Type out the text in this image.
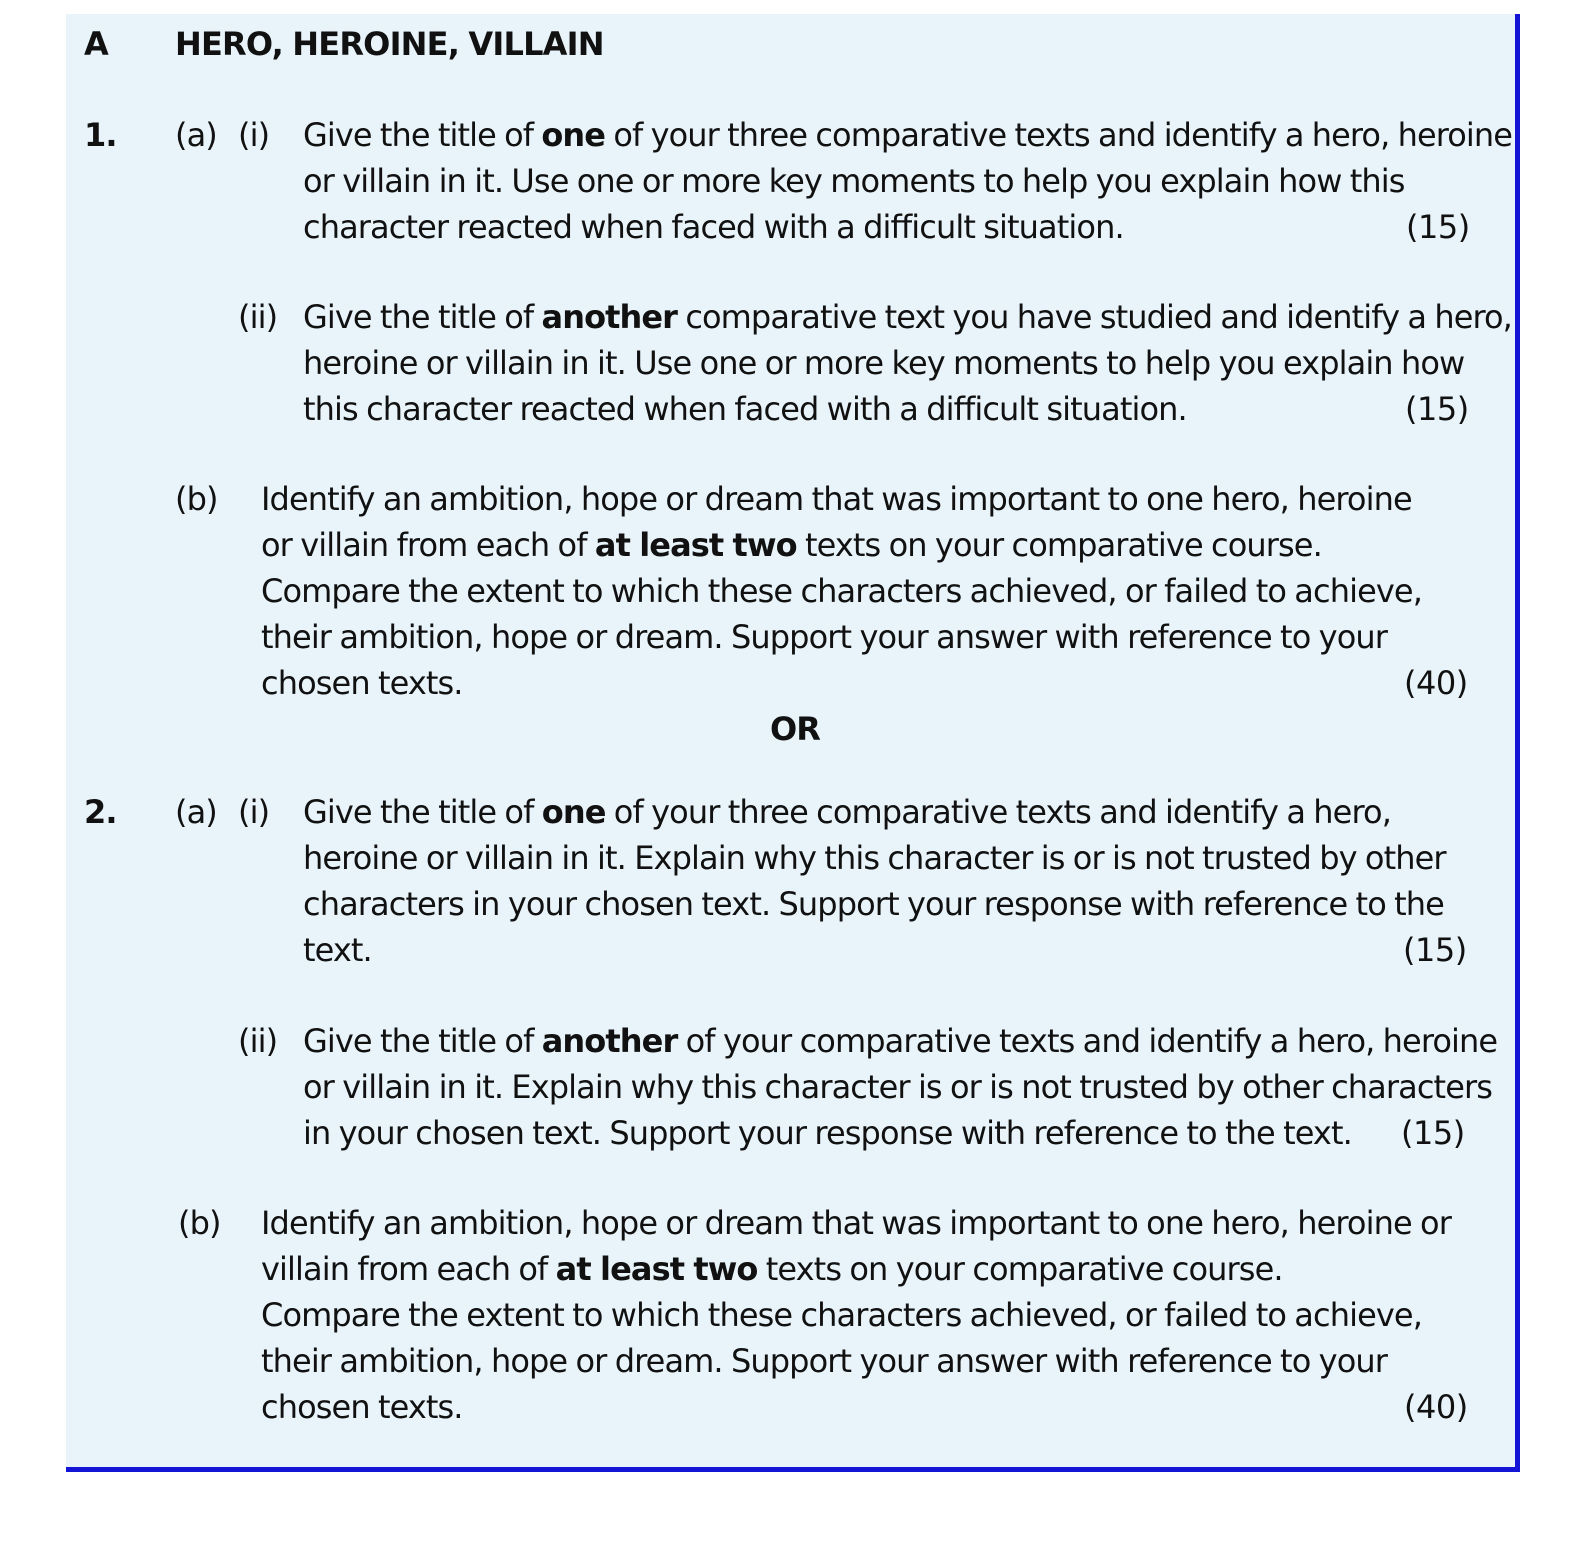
A HERO, HEROINE, VILLAIN
1. (a) (i) Give the title of one of your three comparative texts and identify a hero, heroine
or villain in it. Use one or more key moments to help you explain how this
character reacted when faced with a difficult situation.	(15)
(ii) Give the title of another comparative text you have studied and identify a hero,
heroine or villain in it. Use one or more key moments to help you explain how
this character reacted when faced with a difficult situation.	(15)
(b) Identify an ambition, hope or dream that was important to one hero, heroine
or villain from each of at least two texts on your comparative course.
Compare the extent to which these characters achieved, or failed to achieve,
their ambition, hope or dream. Support your answer with reference to your
chosen texts.	(40)
OR
2. (a) (i) Give the title of one of your three comparative texts and identify a hero,
heroine or villain in it. Explain why this character is or is not trusted by other
characters in your chosen text. Support your response with reference to the
text.	(15)
(ii) Give the title of another of your comparative texts and identify a hero, heroine
or villain in it. Explain why this character is or is not trusted by other characters
in your chosen text. Support your response with reference to the text. (15)
(b) Identify an ambition, hope or dream that was important to one hero, heroine or
villain from each of at least two texts on your comparative course.
Compare the extent to which these characters achieved, or failed to achieve,
their ambition, hope or dream. Support your answer with reference to your
chosen texts.	(40)
